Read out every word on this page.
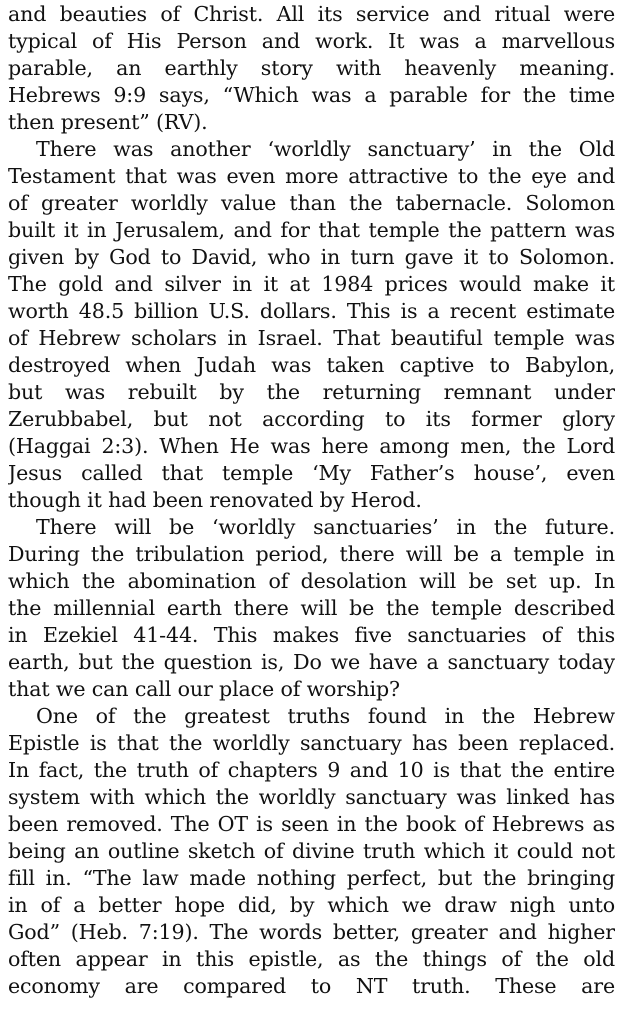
and beauties of Christ. All its service and ritual were
typical of His Person and work. It was a marvellous
parable, an earthly story with heavenly meaning.
Hebrews 9:9 says, “Which was a parable for the time
then present” (RV).
There was another ‘worldly sanctuary’ in the Old
Testament that was even more attractive to the eye and
of greater worldly value than the tabernacle. Solomon
built it in Jerusalem, and for that temple the pattern was
given by God to David, who in turn gave it to Solomon.
The gold and silver in it at 1984 prices would make it
worth 48.5 billion U.S. dollars. This is a recent estimate
of Hebrew scholars in Israel. That beautiful temple was
destroyed when Judah was taken captive to Babylon,
but was rebuilt by the returning remnant under
Zerubbabel, but not according to its former glory
(Haggai 2:3). When He was here among men, the Lord
Jesus called that temple ‘My Father’s house’, even
though it had been renovated by Herod.
There will be ‘worldly sanctuaries’ in the future.
During the tribulation period, there will be a temple in
which the abomination of desolation will be set up. In
the millennial earth there will be the temple described
in Ezekiel 41-44. This makes five sanctuaries of this
earth, but the question is, Do we have a sanctuary today
that we can call our place of worship?
One of the greatest truths found in the Hebrew
Epistle is that the worldly sanctuary has been replaced.
In fact, the truth of chapters 9 and 10 is that the entire
system with which the worldly sanctuary was linked has
been removed. The OT is seen in the book of Hebrews as
being an outline sketch of divine truth which it could not
fill in. “The law made nothing perfect, but the bringing
in of a better hope did, by which we draw nigh unto
God” (Heb. 7:19). The words better, greater and higher
often appear in this epistle, as the things of the old
economy are compared to NT truth. These are
